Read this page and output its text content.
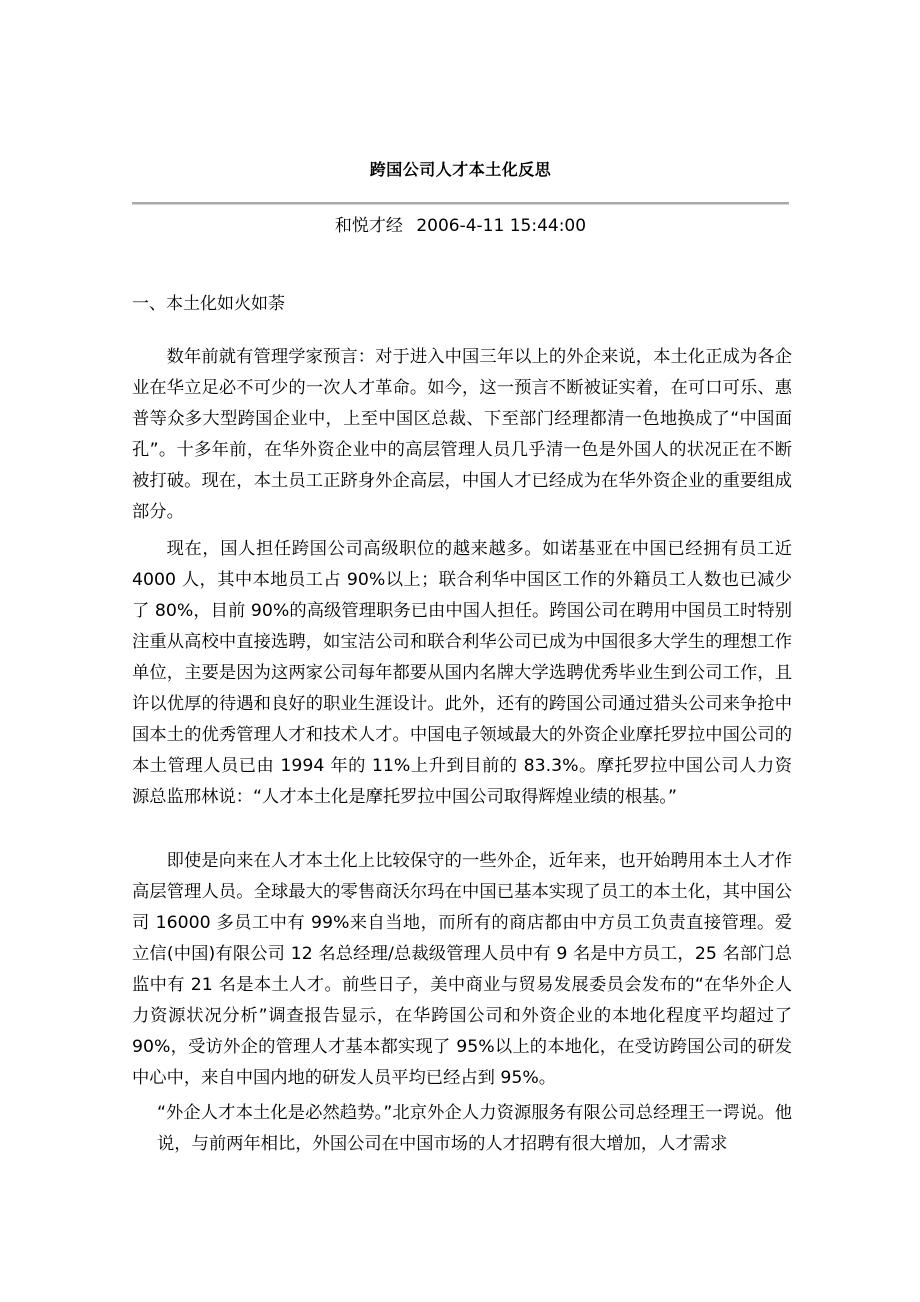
跨国公司人才本土化反思
和悦才经 2006-4-11 15:44:00
一、本土化如火如荼

数年前就有管理学家预言：对于进入中国三年以上的外企来说，本土化正成为各企业在华立足必不可少的一次人才革命。如今，这一预言不断被证实着，在可口可乐、惠普等众多大型跨国企业中，上至中国区总裁、下至部门经理都清一色地换成了“中国面孔”。十多年前，在华外资企业中的高层管理人员几乎清一色是外国人的状况正在不断被打破。现在，本土员工正跻身外企高层，中国人才已经成为在华外资企业的重要组成部分。

现在，国人担任跨国公司高级职位的越来越多。如诺基亚在中国已经拥有员工近 4000 人，其中本地员工占 90%以上；联合利华中国区工作的外籍员工人数也已减少了 80%，目前 90%的高级管理职务已由中国人担任。跨国公司在聘用中国员工时特别注重从高校中直接选聘，如宝洁公司和联合利华公司已成为中国很多大学生的理想工作单位，主要是因为这两家公司每年都要从国内名牌大学选聘优秀毕业生到公司工作，且许以优厚的待遇和良好的职业生涯设计。此外，还有的跨国公司通过猎头公司来争抢中国本土的优秀管理人才和技术人才。中国电子领域最大的外资企业摩托罗拉中国公司的本土管理人员已由 1994 年的 11%上升到目前的 83.3%。摩托罗拉中国公司人力资源总监邢林说：“人才本土化是摩托罗拉中国公司取得辉煌业绩的根基。”

即使是向来在人才本土化上比较保守的一些外企，近年来，也开始聘用本土人才作高层管理人员。全球最大的零售商沃尔玛在中国已基本实现了员工的本土化，其中国公司 16000 多员工中有 99%来自当地，而所有的商店都由中方员工负责直接管理。爱立信(中国)有限公司 12 名总经理/总裁级管理人员中有 9 名是中方员工，25 名部门总监中有 21 名是本土人才。前些日子，美中商业与贸易发展委员会发布的“在华外企人力资源状况分析”调查报告显示，在华跨国公司和外资企业的本地化程度平均超过了 90%，受访外企的管理人才基本都实现了 95%以上的本地化，在受访跨国公司的研发中心中，来自中国内地的研发人员平均已经占到 95%。

“外企人才本土化是必然趋势。”北京外企人力资源服务有限公司总经理王一谔说。他说，与前两年相比，外国公司在中国市场的人才招聘有很大增加，人才需求
